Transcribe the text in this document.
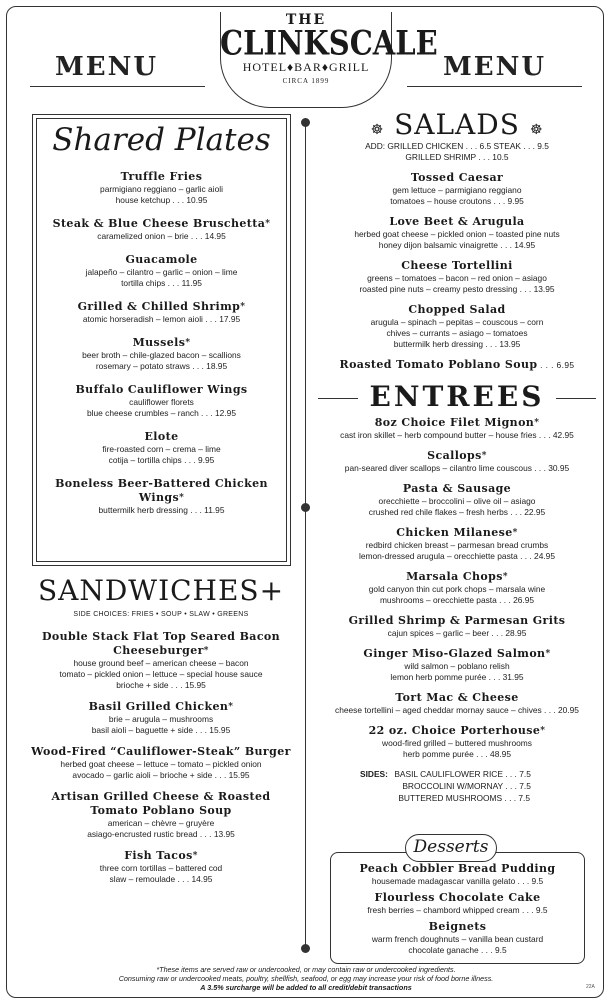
MENU	MENU
THE
CLINKSCALE
HOTEL♦BAR♦GRILL
CIRCA 1899
Shared Plates
Truffle Fries
parmigiano reggiano – garlic aioli
house ketchup . . . 10.95
Steak & Blue Cheese Bruschetta*
caramelized onion – brie . . . 14.95
Guacamole
jalapeño – cilantro – garlic – onion – lime
tortilla chips . . . 11.95
Grilled & Chilled Shrimp*
atomic horseradish – lemon aioli . . . 17.95
Mussels*
beer broth – chile-glazed bacon – scallions
rosemary – potato straws . . . 18.95
Buffalo Cauliflower Wings
cauliflower florets
blue cheese crumbles – ranch . . . 12.95
Elote
fire-roasted corn – crema – lime
cotija – tortilla chips . . . 9.95
Boneless Beer-Battered Chicken Wings*
buttermilk herb dressing . . . 11.95
SANDWICHES+
SIDE CHOICES: FRIES • SOUP • SLAW • GREENS
Double Stack Flat Top Seared Bacon Cheeseburger*
house ground beef – american cheese – bacon
tomato – pickled onion – lettuce – special house sauce
brioche + side . . . 15.95
Basil Grilled Chicken*
brie – arugula – mushrooms
basil aioli – baguette + side . . . 15.95
Wood-Fired “Cauliflower-Steak” Burger
herbed goat cheese – lettuce – tomato – pickled onion
avocado – garlic aioli – brioche + side . . . 15.95
Artisan Grilled Cheese & Roasted Tomato Poblano Soup
american – chèvre – gruyère
asiago-encrusted rustic bread . . . 13.95
Fish Tacos*
three corn tortillas – battered cod
slaw – remoulade . . . 14.95
☸ SALADS ☸
ADD: GRILLED CHICKEN . . . 6.5 STEAK . . . 9.5
GRILLED SHRIMP . . . 10.5
Tossed Caesar
gem lettuce – parmigiano reggiano
tomatoes – house croutons . . . 9.95
Love Beet & Arugula
herbed goat cheese – pickled onion – toasted pine nuts
honey dijon balsamic vinaigrette . . . 14.95
Cheese Tortellini
greens – tomatoes – bacon – red onion – asiago
roasted pine nuts – creamy pesto dressing . . . 13.95
Chopped Salad
arugula – spinach – pepitas – couscous – corn
chives – currants – asiago – tomatoes
buttermilk herb dressing . . . 13.95
Roasted Tomato Poblano Soup . . . 6.95
ENTREES
8oz Choice Filet Mignon*
cast iron skillet – herb compound butter – house fries . . . 42.95
Scallops*
pan-seared diver scallops – cilantro lime couscous . . . 30.95
Pasta & Sausage
orecchiette – broccolini – olive oil – asiago
crushed red chile flakes – fresh herbs . . . 22.95
Chicken Milanese*
redbird chicken breast – parmesan bread crumbs
lemon-dressed arugula – orecchiette pasta . . . 24.95
Marsala Chops*
gold canyon thin cut pork chops – marsala wine
mushrooms – orecchiette pasta . . . 26.95
Grilled Shrimp & Parmesan Grits
cajun spices – garlic – beer . . . 28.95
Ginger Miso-Glazed Salmon*
wild salmon – poblano relish
lemon herb pomme purée . . . 31.95
Tort Mac & Cheese
cheese tortellini – aged cheddar mornay sauce – chives . . . 20.95
22 oz. Choice Porterhouse*
wood-fired grilled – buttered mushrooms
herb pomme purée . . . 48.95
SIDES: BASIL CAULIFLOWER RICE . . . 7.5
BROCCOLINI W/MORNAY . . . 7.5
BUTTERED MUSHROOMS . . . 7.5
Desserts
Peach Cobbler Bread Pudding
housemade madagascar vanilla gelato . . . 9.5
Flourless Chocolate Cake
fresh berries – chambord whipped cream . . . 9.5
Beignets
warm french doughnuts – vanilla bean custard
chocolate ganache . . . 9.5
*These items are served raw or undercooked, or may contain raw or undercooked ingredients.
Consuming raw or undercooked meats, poultry, shellfish, seafood, or egg may increase your risk of food borne illness.
A 3.5% surcharge will be added to all credit/debit transactions	22Α
